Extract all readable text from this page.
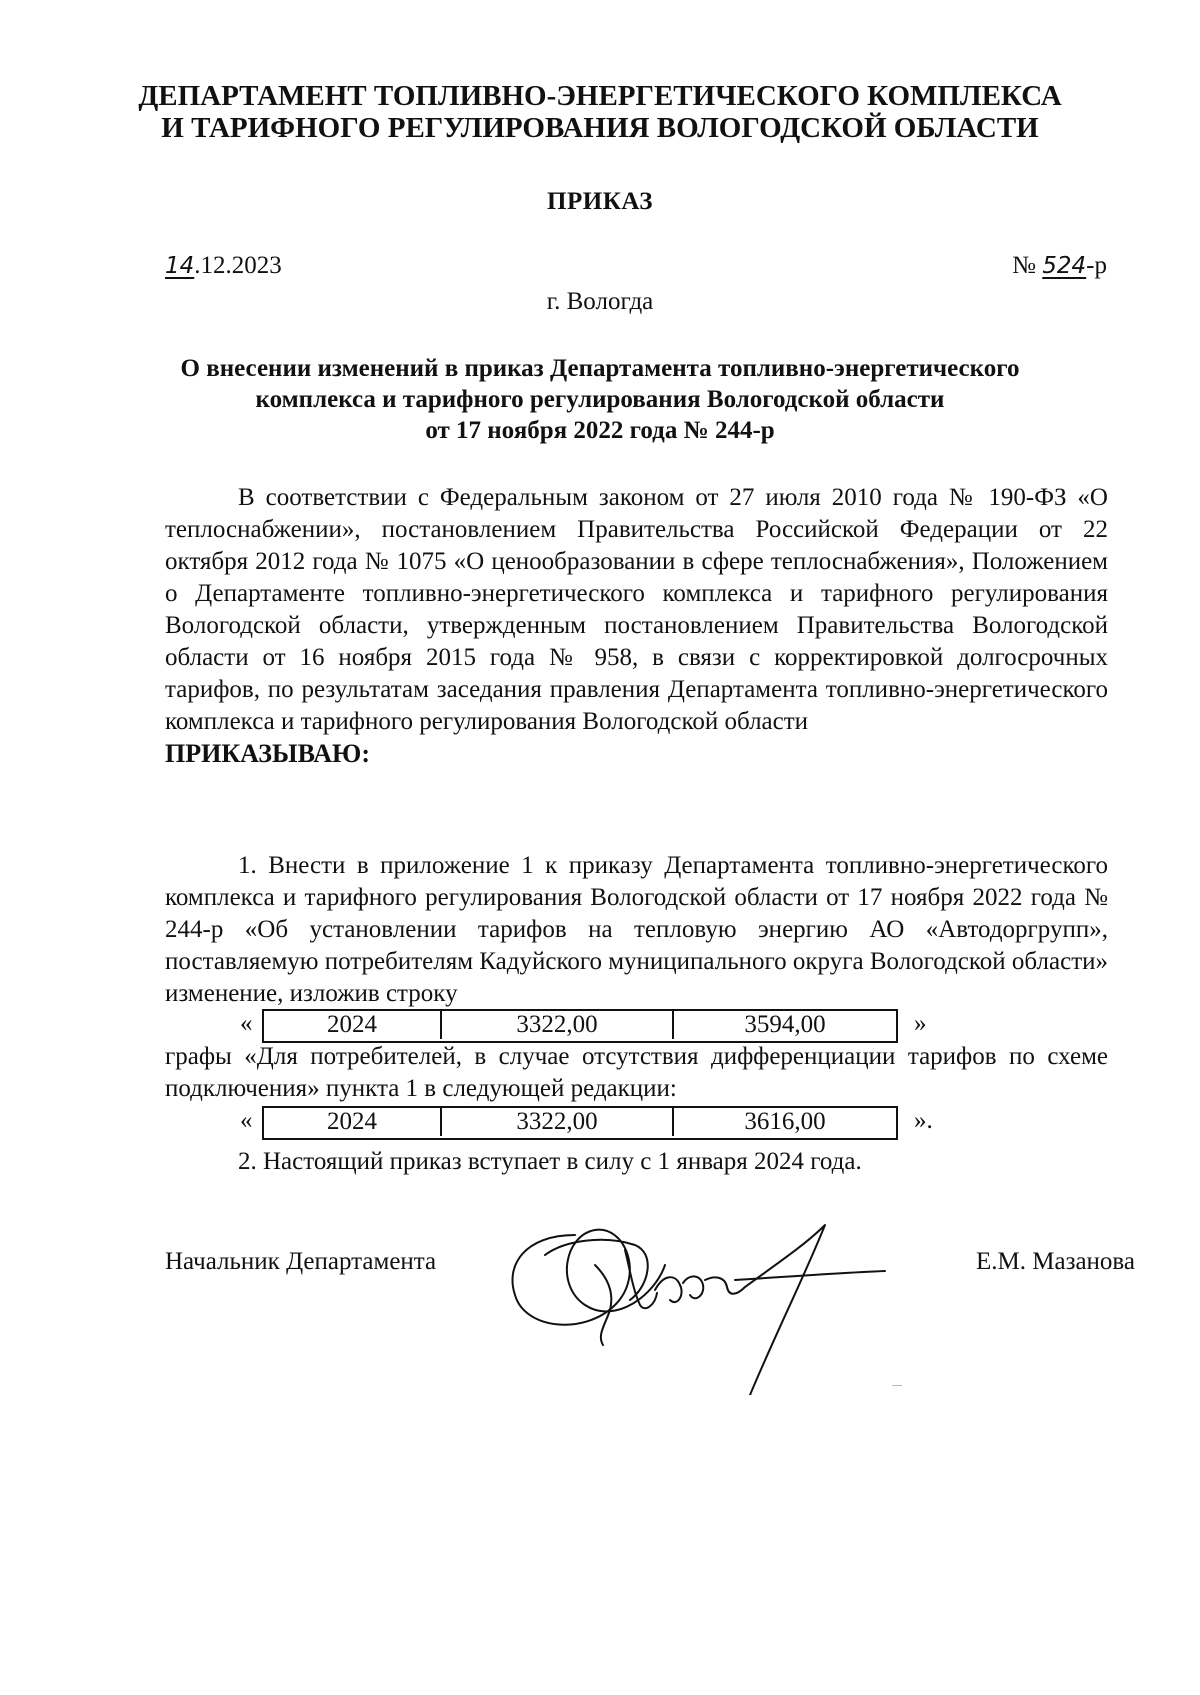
ДЕПАРТАМЕНТ ТОПЛИВНО-ЭНЕРГЕТИЧЕСКОГО КОМПЛЕКСА
И ТАРИФНОГО РЕГУЛИРОВАНИЯ ВОЛОГОДСКОЙ ОБЛАСТИ
ПРИКАЗ
14.12.2023	№ 524-р
г. Вологда
О внесении изменений в приказ Департамента топливно-энергетического
комплекса и тарифного регулирования Вологодской области
от 17 ноября 2022 года № 244-р

В соответствии с Федеральным законом от 27 июля 2010 года № 190-ФЗ «О теплоснабжении», постановлением Правительства Российской Федерации от 22 октября 2012 года № 1075 «О ценообразовании в сфере теплоснабжения», Положением о Департаменте топливно-энергетического комплекса и тарифного регулирования Вологодской области, утвержденным постановлением Правительства Вологодской области от 16 ноября 2015 года № 958, в связи с корректировкой долгосрочных тарифов, по результатам заседания правления Департамента топливно-энергетического комплекса и тарифного регулирования Вологодской области

ПРИКАЗЫВАЮ:

1. Внести в приложение 1 к приказу Департамента топливно-энергетического комплекса и тарифного регулирования Вологодской области от 17 ноября 2022 года № 244-р «Об установлении тарифов на тепловую энергию АО «Автодоргрупп», поставляемую потребителям Кадуйского муниципального округа Вологодской области» изменение, изложив строку

«	2024	3322,00	3594,00	»

графы «Для потребителей, в случае отсутствия дифференциации тарифов по схеме подключения» пункта 1 в следующей редакции:

«	2024	3322,00	3616,00	».

2. Настоящий приказ вступает в силу с 1 января 2024 года.

Начальник Департамента	Е.М. Мазанова
